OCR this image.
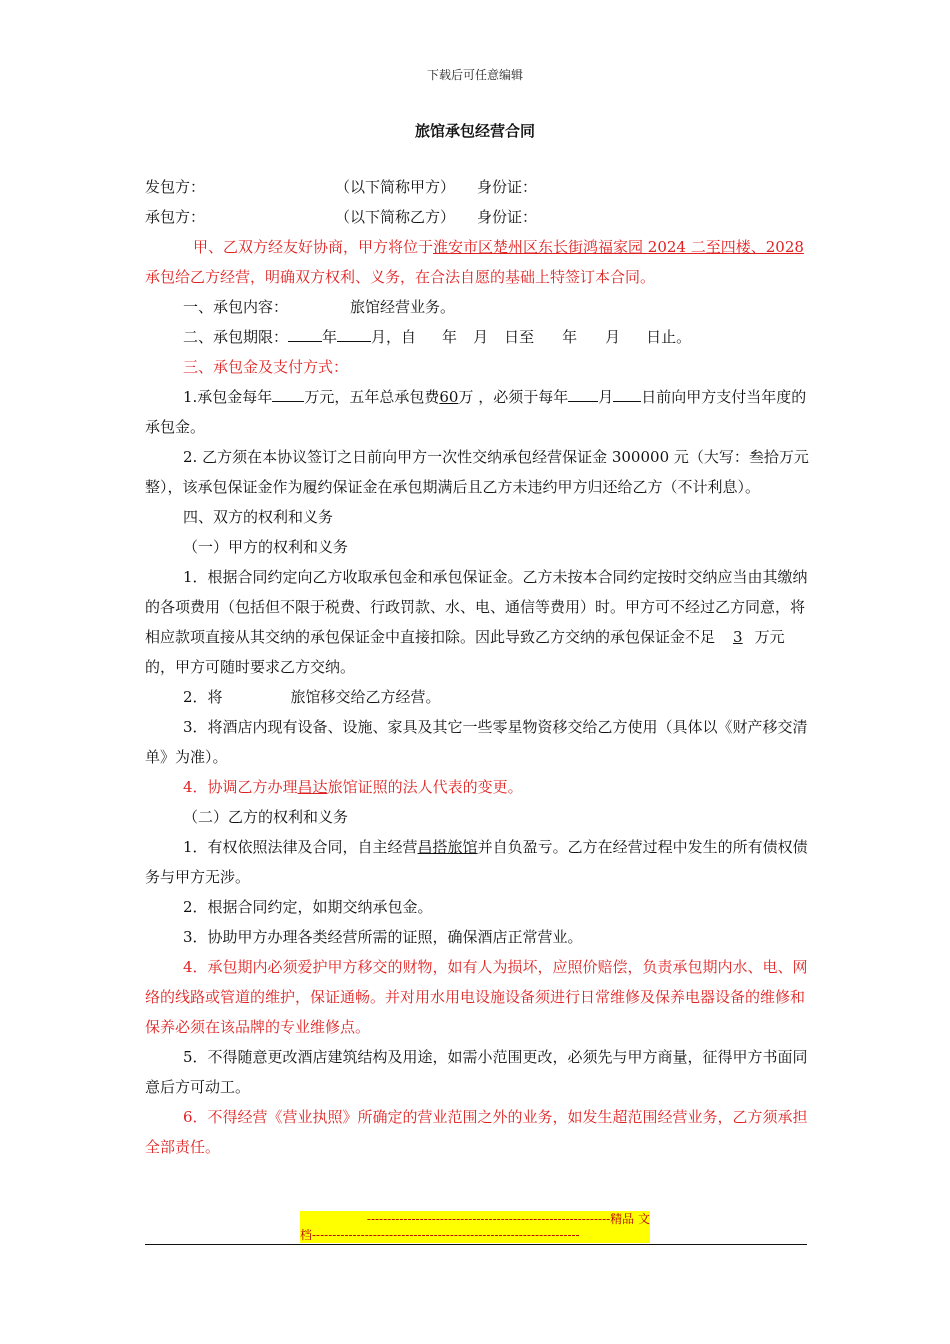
下载后可任意编辑
旅馆承包经营合同

发包方：	（以下简称甲方） 身份证：

承包方：	（以下简称乙方） 身份证：

甲、乙双方经友好协商，甲方将位于淮安市区楚州区东长街鸿福家园 2024 二至四楼、2028承包给乙方经营，明确双方权利、义务，在合法自愿的基础上特签订本合同。

一、承包内容：	旅馆经营业务。

二、承包期限： 年 月，自 年 月 日至 年 月 日止。

三、承包金及支付方式：

1.承包金每年 万元，五年总承包费60万 ，必须于每年 月 日前向甲方支付当年度的承包金。

2. 乙方须在本协议签订之日前向甲方一次性交纳承包经营保证金 300000 元（大写：叁拾万元整），该承包保证金作为履约保证金在承包期满后且乙方未违约甲方归还给乙方（不计利息）。

四、双方的权利和义务

（一）甲方的权利和义务

1．根据合同约定向乙方收取承包金和承包保证金。乙方未按本合同约定按时交纳应当由其缴纳的各项费用（包括但不限于税费、行政罚款、水、电、通信等费用）时。甲方可不经过乙方同意，将相应款项直接从其交纳的承包保证金中直接扣除。因此导致乙方交纳的承包保证金不足 3 万元的，甲方可随时要求乙方交纳。

2．将	旅馆移交给乙方经营。

3．将酒店内现有设备、设施、家具及其它一些零星物资移交给乙方使用（具体以《财产移交清单》为准）。

4．协调乙方办理昌达旅馆证照的法人代表的变更。

（二）乙方的权利和义务

1．有权依照法律及合同，自主经营昌搭旅馆并自负盈亏。乙方在经营过程中发生的所有债权债务与甲方无涉。

2．根据合同约定，如期交纳承包金。

3．协助甲方办理各类经营所需的证照，确保酒店正常营业。

4．承包期内必须爱护甲方移交的财物，如有人为损坏，应照价赔偿，负责承包期内水、电、网络的线路或管道的维护，保证通畅。并对用水用电设施设备须进行日常维修及保养电器设备的维修和保养必须在该品牌的专业维修点。

5．不得随意更改酒店建筑结构及用途，如需小范围更改，必须先与甲方商量，征得甲方书面同意后方可动工。

6．不得经营《营业执照》所确定的营业范围之外的业务，如发生超范围经营业务，乙方须承担全部责任。

------------------------------------------------------------精品 文
档------------------------------------------------------------------
